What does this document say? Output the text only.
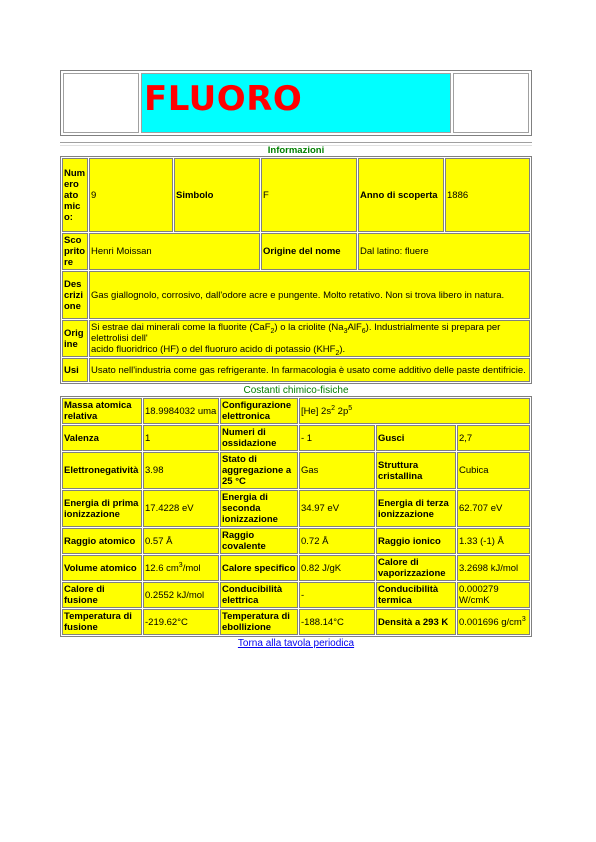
	FLUORO	
Informazioni
Numero atomico:	9	Simbolo	F	Anno di scoperta	1886
Scopritore	Henri Moissan		Origine del nome	Dal latino: fluere	
Descrizione	Gas giallognolo, corrosivo, dall'odore acre e pungente. Molto retativo. Non si trova libero in natura.				
Origine	Si estrae dai minerali come la fluorite (CaF$_2$) o la criolite $(Na_3AlF_6)$. Industrialmente si prepara per elettrolisi dell'
acido fluoridrico (HF) o del fluoruro acido di potassio $(KHF_2)$.				
Usi	Usato nell'industria come gas refrigerante. In farmacologia è usato come additivo delle paste dentifricie.				
Costanti chimico-fisiche
Massa atomica relativa	18.9984032 uma	Configurazione elettronica	[He] $2s^2$ $2p^5$
Valenza	1	Numeri di ossidazione	- 1	Gusci	2,7
Elettronegatività	3.98	Stato di aggregazione a 25 °C	Gas	Struttura cristallina	Cubica
Energia di prima ionizzazione	17.4228 eV	Energia di seconda ionizzazione	34.97 eV	Energia di terza ionizzazione	62.707 eV
Raggio atomico	0.57 Å	Raggio covalente	0.72 Å	Raggio ionico	1.33 (-1) Å
Volume atomico	12.6 $cm^3$/mol	Calore specifico	0.82 J/gK	Calore di vaporizzazione	3.2698 kJ/mol
Calore di fusione	0.2552 kJ/mol	Conducibilità elettrica	-	Conducibilità termica	0.000279 W/cmK
Temperatura di fusione	-219.62°C	Temperatura di ebollizione	-188.14°C	Densità a 293 K	0.001696 $g/cm^3$
Torna alla tavola periodica
